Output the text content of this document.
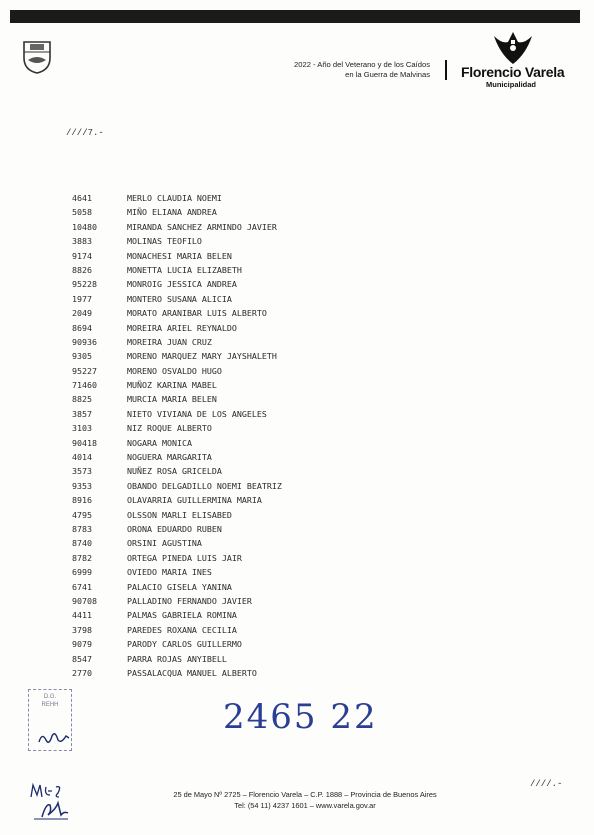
2022 - Año del Veterano y de los Caídos
en la Guerra de Malvinas Florencio Varela
Municipalidad
////7.-
4641	MERLO CLAUDIA NOEMI
5058	MIÑO ELIANA ANDREA
10480	MIRANDA SANCHEZ ARMINDO JAVIER
3883	MOLINAS TEOFILO
9174	MONACHESI MARIA BELEN
8826	MONETTA LUCIA ELIZABETH
95228	MONROIG JESSICA ANDREA
1977	MONTERO SUSANA ALICIA
2049	MORATO ARANIBAR LUIS ALBERTO
8694	MOREIRA ARIEL REYNALDO
90936	MOREIRA JUAN CRUZ
9305	MORENO MARQUEZ MARY JAYSHALETH
95227	MORENO OSVALDO HUGO
71460	MUÑOZ KARINA MABEL
8825	MURCIA MARIA BELEN
3857	NIETO VIVIANA DE LOS ANGELES
3103	NIZ ROQUE ALBERTO
90418	NOGARA MONICA
4014	NOGUERA MARGARITA
3573	NUÑEZ ROSA GRICELDA
9353	OBANDO DELGADILLO NOEMI BEATRIZ
8916	OLAVARRIA GUILLERMINA MARIA
4795	OLSSON MARLI ELISABED
8783	ORONA EDUARDO RUBEN
8740	ORSINI AGUSTINA
8782	ORTEGA PINEDA LUIS JAIR
6999	OVIEDO MARIA INES
6741	PALACIO GISELA YANINA
90708	PALLADINO FERNANDO JAVIER
4411	PALMAS GABRIELA ROMINA
3798	PAREDES ROXANA CECILIA
9079	PARODY CARLOS GUILLERMO
8547	PARRA ROJAS ANYIBELL
2770	PASSALACQUA MANUEL ALBERTO
D.G.
REHH	2465 22
////.-
25 de Mayo Nº 2725 – Florencio Varela – C.P. 1888 – Provincia de Buenos Aires
Tel: (54 11) 4237 1601 – www.varela.gov.ar
